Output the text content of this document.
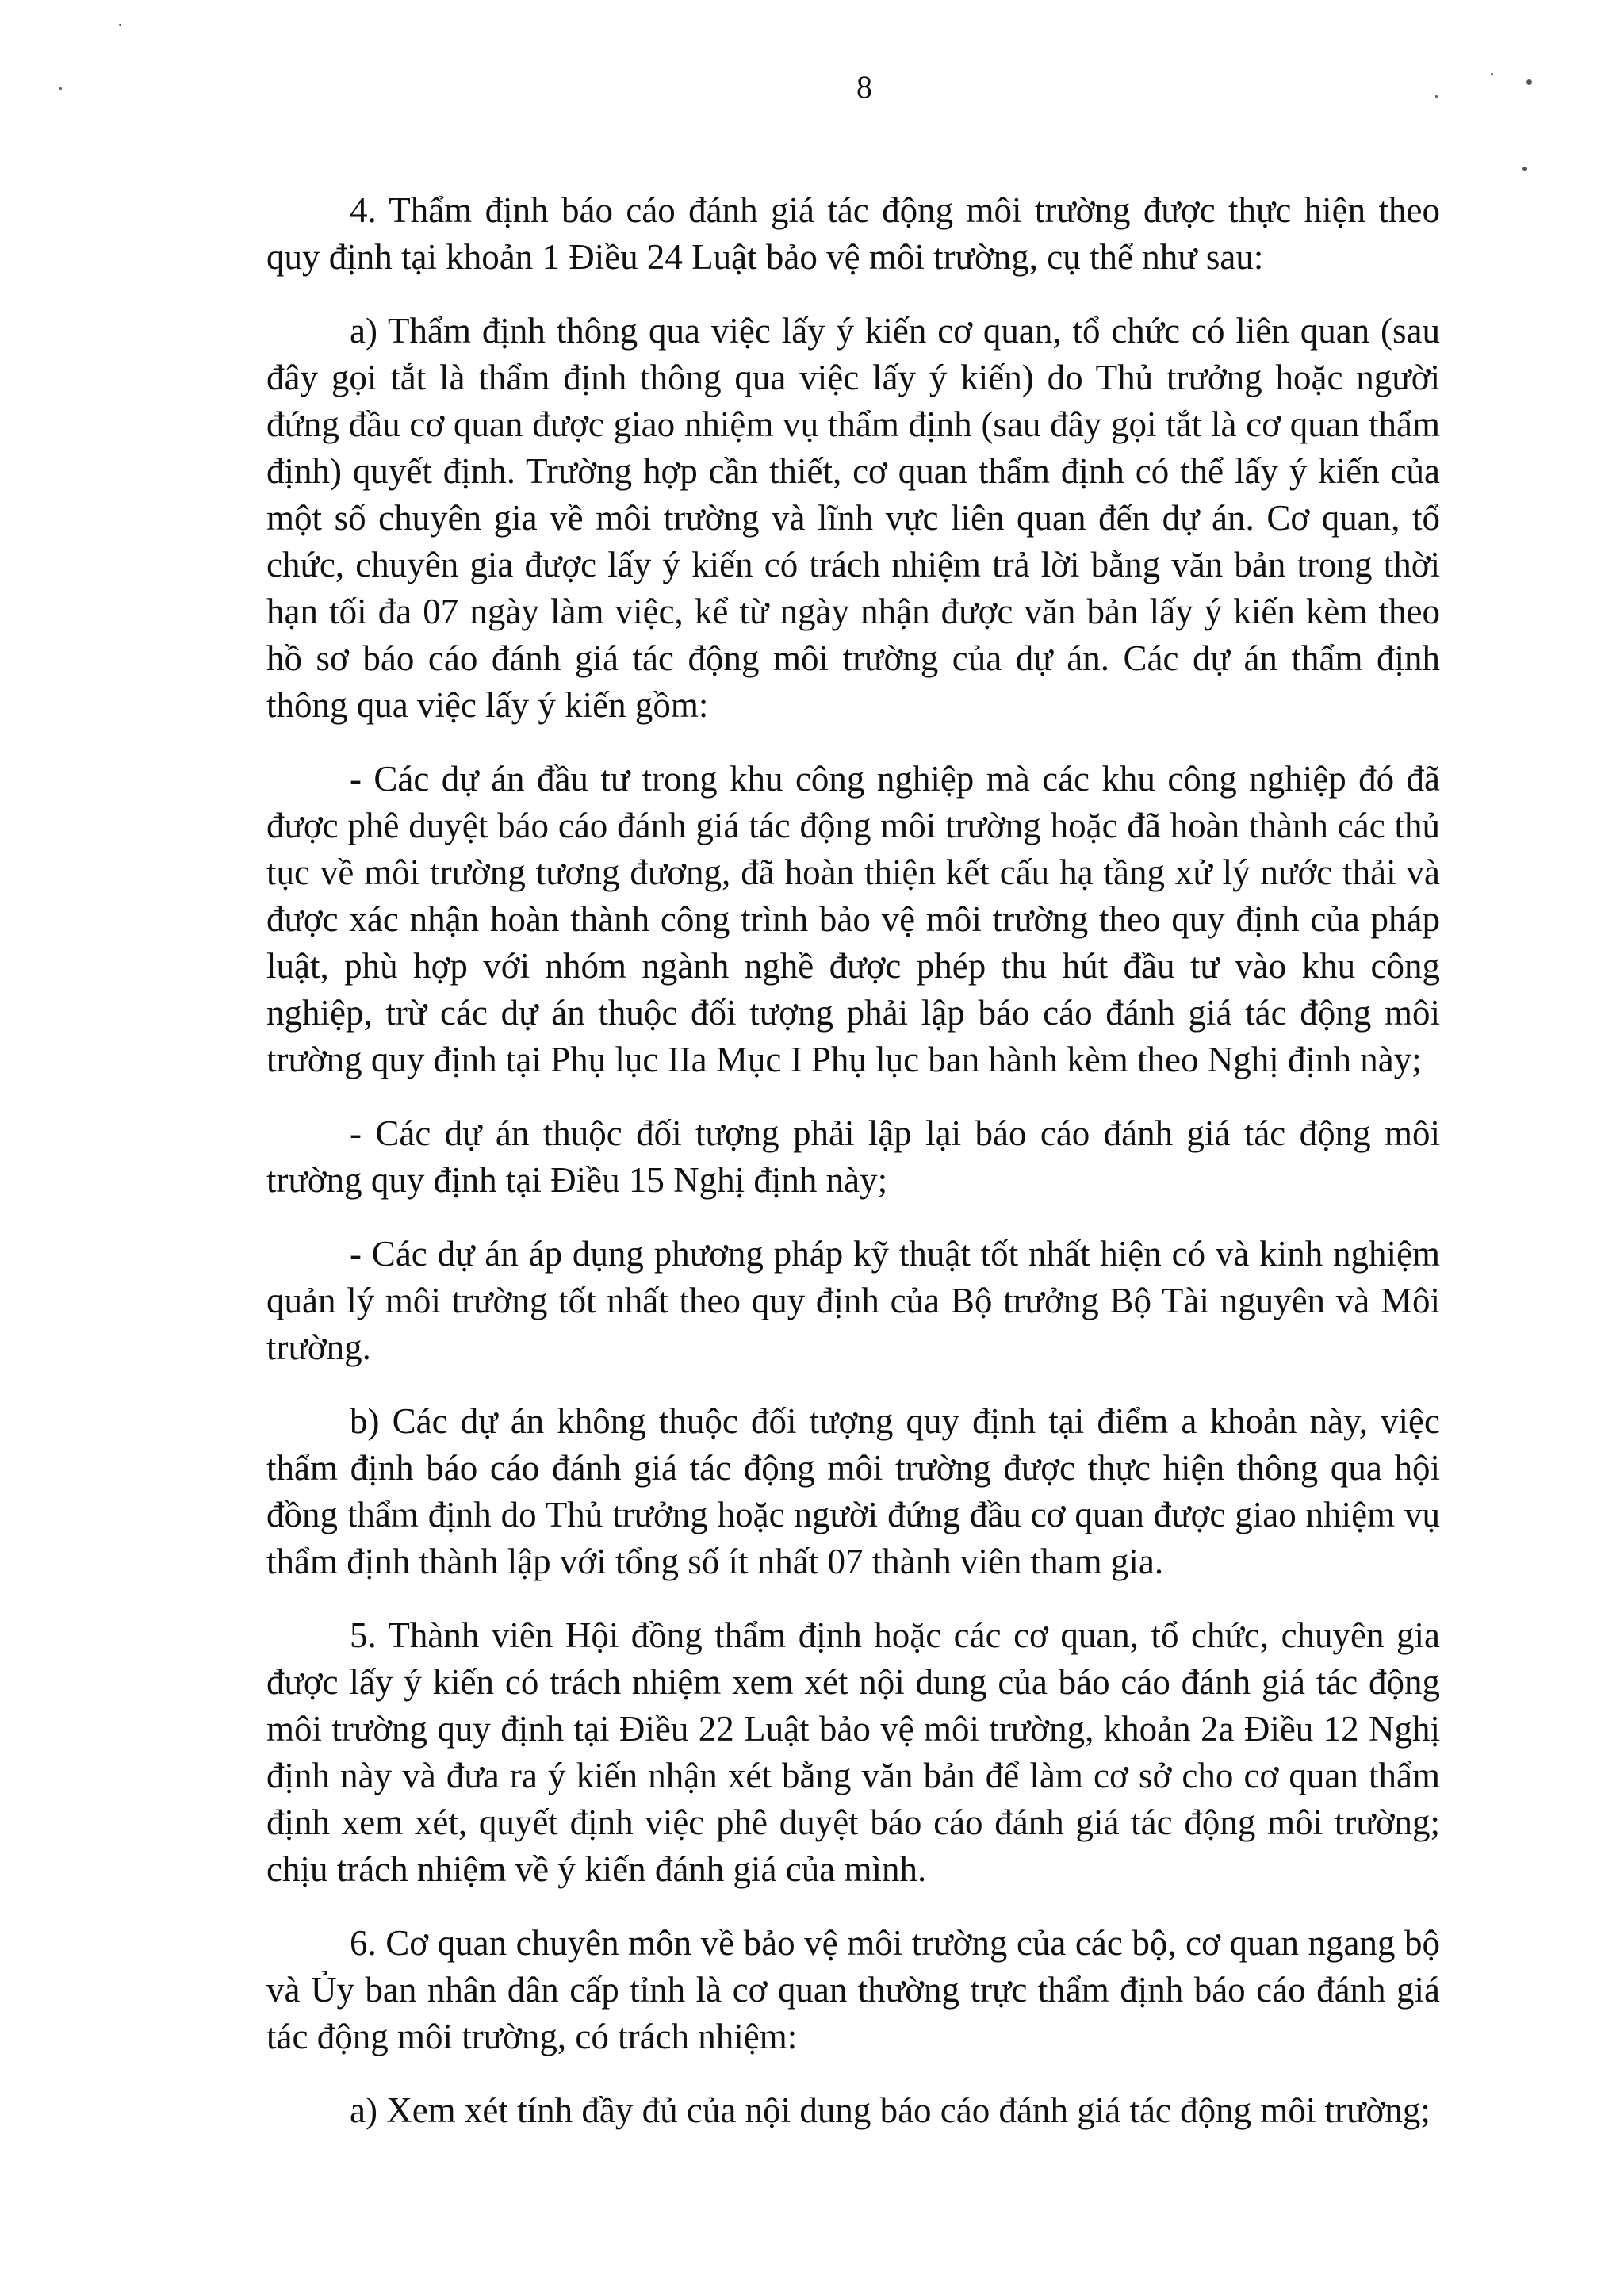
8

4. Thẩm định báo cáo đánh giá tác động môi trường được thực hiện theo quy định tại khoản 1 Điều 24 Luật bảo vệ môi trường, cụ thể như sau:

a) Thẩm định thông qua việc lấy ý kiến cơ quan, tổ chức có liên quan (sau đây gọi tắt là thẩm định thông qua việc lấy ý kiến) do Thủ trưởng hoặc người đứng đầu cơ quan được giao nhiệm vụ thẩm định (sau đây gọi tắt là cơ quan thẩm định) quyết định. Trường hợp cần thiết, cơ quan thẩm định có thể lấy ý kiến của một số chuyên gia về môi trường và lĩnh vực liên quan đến dự án. Cơ quan, tổ chức, chuyên gia được lấy ý kiến có trách nhiệm trả lời bằng văn bản trong thời hạn tối đa 07 ngày làm việc, kể từ ngày nhận được văn bản lấy ý kiến kèm theo hồ sơ báo cáo đánh giá tác động môi trường của dự án. Các dự án thẩm định thông qua việc lấy ý kiến gồm:

- Các dự án đầu tư trong khu công nghiệp mà các khu công nghiệp đó đã được phê duyệt báo cáo đánh giá tác động môi trường hoặc đã hoàn thành các thủ tục về môi trường tương đương, đã hoàn thiện kết cấu hạ tầng xử lý nước thải và được xác nhận hoàn thành công trình bảo vệ môi trường theo quy định của pháp luật, phù hợp với nhóm ngành nghề được phép thu hút đầu tư vào khu công nghiệp, trừ các dự án thuộc đối tượng phải lập báo cáo đánh giá tác động môi trường quy định tại Phụ lục IIa Mục I Phụ lục ban hành kèm theo Nghị định này;

- Các dự án thuộc đối tượng phải lập lại báo cáo đánh giá tác động môi trường quy định tại Điều 15 Nghị định này;

- Các dự án áp dụng phương pháp kỹ thuật tốt nhất hiện có và kinh nghiệm quản lý môi trường tốt nhất theo quy định của Bộ trưởng Bộ Tài nguyên và Môi trường.

b) Các dự án không thuộc đối tượng quy định tại điểm a khoản này, việc thẩm định báo cáo đánh giá tác động môi trường được thực hiện thông qua hội đồng thẩm định do Thủ trưởng hoặc người đứng đầu cơ quan được giao nhiệm vụ thẩm định thành lập với tổng số ít nhất 07 thành viên tham gia.

5. Thành viên Hội đồng thẩm định hoặc các cơ quan, tổ chức, chuyên gia được lấy ý kiến có trách nhiệm xem xét nội dung của báo cáo đánh giá tác động môi trường quy định tại Điều 22 Luật bảo vệ môi trường, khoản 2a Điều 12 Nghị định này và đưa ra ý kiến nhận xét bằng văn bản để làm cơ sở cho cơ quan thẩm định xem xét, quyết định việc phê duyệt báo cáo đánh giá tác động môi trường; chịu trách nhiệm về ý kiến đánh giá của mình.

6. Cơ quan chuyên môn về bảo vệ môi trường của các bộ, cơ quan ngang bộ và Ủy ban nhân dân cấp tỉnh là cơ quan thường trực thẩm định báo cáo đánh giá tác động môi trường, có trách nhiệm:

a) Xem xét tính đầy đủ của nội dung báo cáo đánh giá tác động môi trường;
